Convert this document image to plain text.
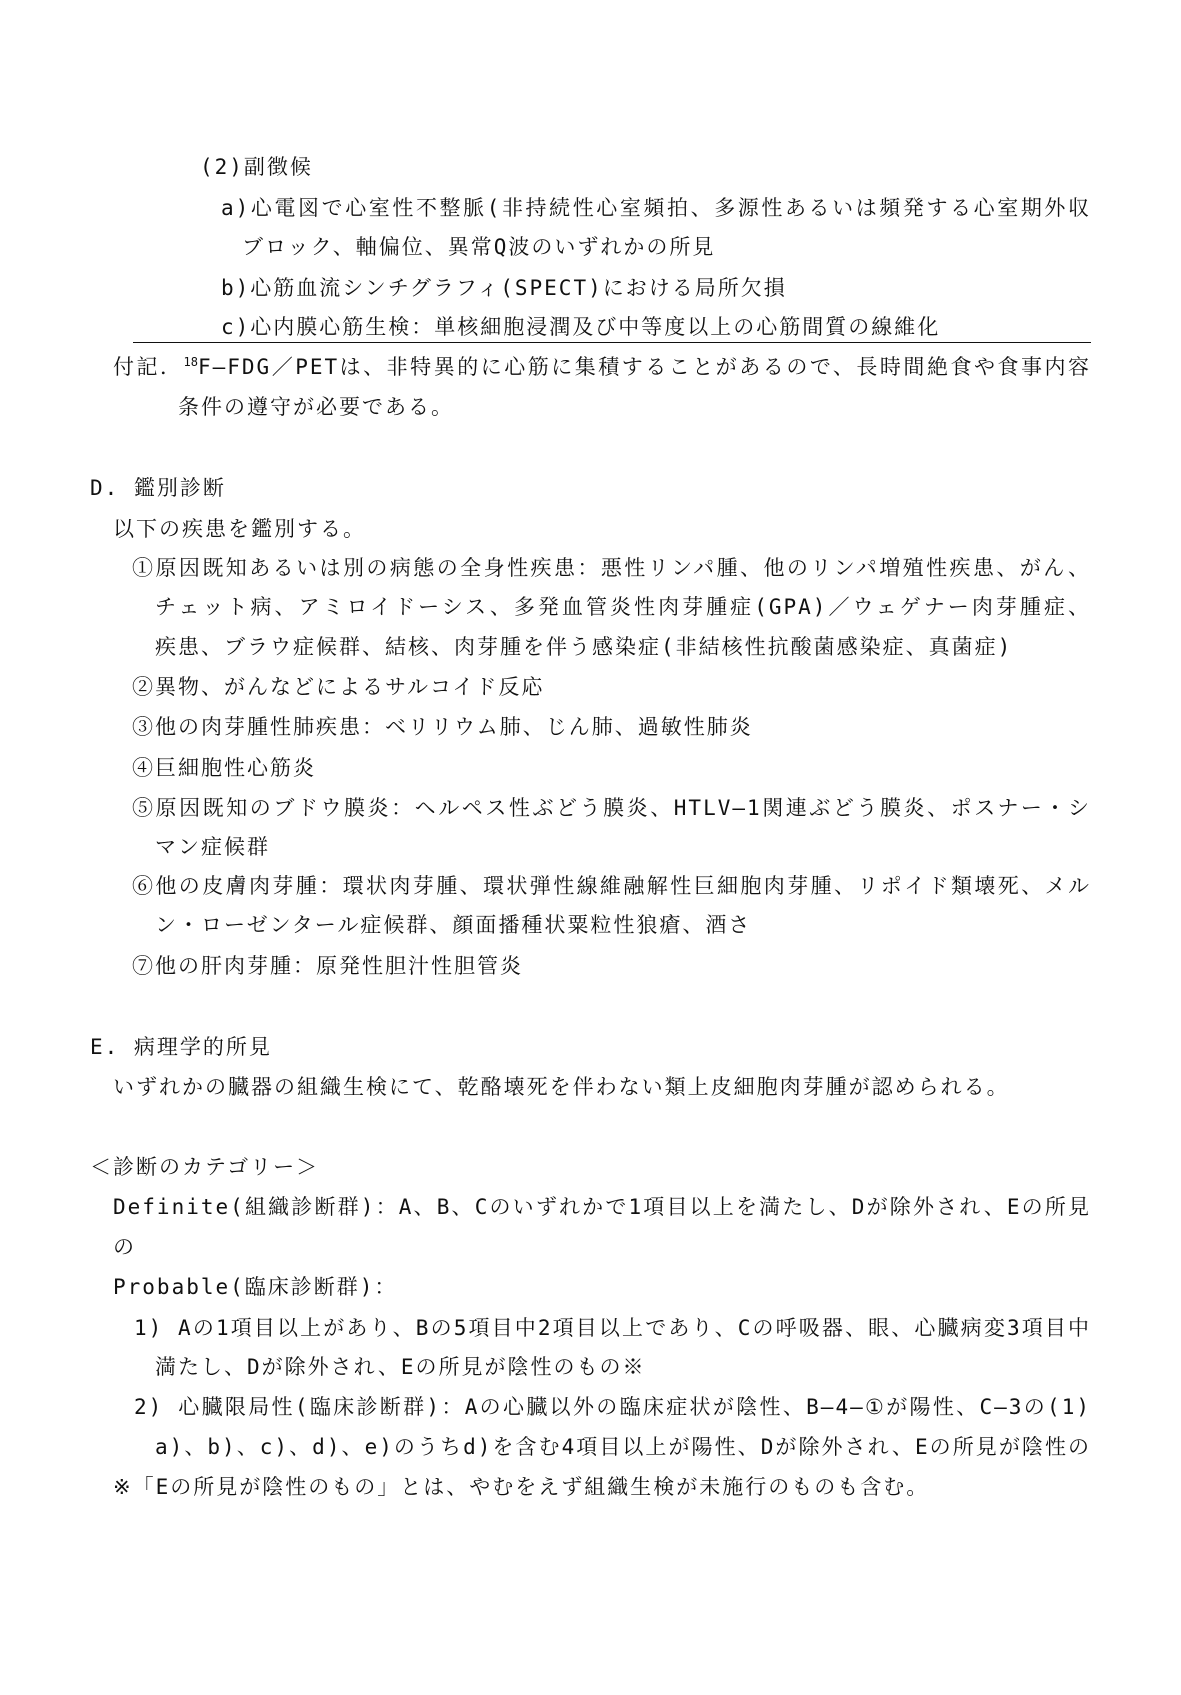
(2)副徴候
a)心電図で心室性不整脈(非持続性心室頻拍、多源性あるいは頻発する心室期外収
ブロック、軸偏位、異常Q波のいずれかの所見
b)心筋血流シンチグラフィ(SPECT)における局所欠損
c)心内膜心筋生検：単核細胞浸潤及び中等度以上の心筋間質の線維化
付記．$^{18}$F―FDG／PETは、非特異的に心筋に集積することがあるので、長時間絶食や食事内容
条件の遵守が必要である。
D. 鑑別診断
以下の疾患を鑑別する。
①原因既知あるいは別の病態の全身性疾患：悪性リンパ腫、他のリンパ増殖性疾患、がん、
チェット病、アミロイドーシス、多発血管炎性肉芽腫症(GPA)／ウェゲナー肉芽腫症、
疾患、ブラウ症候群、結核、肉芽腫を伴う感染症(非結核性抗酸菌感染症、真菌症)
②異物、がんなどによるサルコイド反応
③他の肉芽腫性肺疾患：ベリリウム肺、じん肺、過敏性肺炎
④巨細胞性心筋炎
⑤原因既知のブドウ膜炎：ヘルペス性ぶどう膜炎、HTLV―1関連ぶどう膜炎、ポスナー・シ
マン症候群
⑥他の皮膚肉芽腫：環状肉芽腫、環状弾性線維融解性巨細胞肉芽腫、リポイド類壊死、メル
ン・ローゼンタール症候群、顔面播種状粟粒性狼瘡、酒さ
⑦他の肝肉芽腫：原発性胆汁性胆管炎
E. 病理学的所見
いずれかの臓器の組織生検にて、乾酪壊死を伴わない類上皮細胞肉芽腫が認められる。
＜診断のカテゴリー＞
Definite(組織診断群)：A、B、Cのいずれかで1項目以上を満たし、Dが除外され、Eの所見
の
Probable(臨床診断群)：
1) Aの1項目以上があり、Bの5項目中2項目以上であり、Cの呼吸器、眼、心臓病変3項目中
満たし、Dが除外され、Eの所見が陰性のもの※
2) 心臓限局性(臨床診断群)：Aの心臓以外の臨床症状が陰性、B―4―①が陽性、C―3の(1)
a)、b)、c)、d)、e)のうちd)を含む4項目以上が陽性、Dが除外され、Eの所見が陰性の
※「Eの所見が陰性のもの」とは、やむをえず組織生検が未施行のものも含む。
